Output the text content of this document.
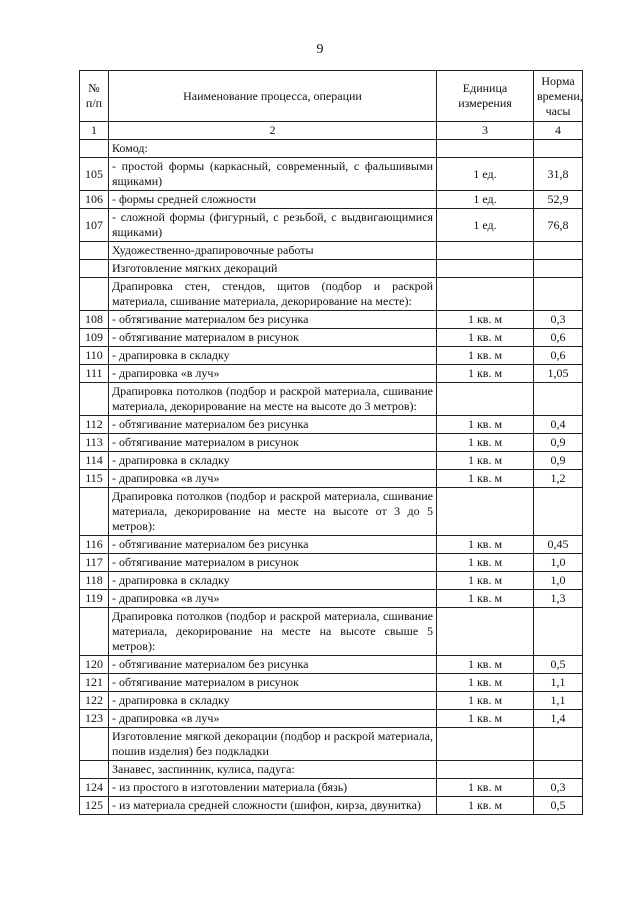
9
№ п/п	Наименование процесса, операции	Единица измерения	Норма времени, часы
1	2	3	4
	Комод:		
105	- простой формы (каркасный, современный, с фальшивыми ящиками)	1 ед.	31,8
106	- формы средней сложности	1 ед.	52,9
107	- сложной формы (фигурный, с резьбой, с выдвигающимися ящиками)	1 ед.	76,8
	Художественно-драпировочные работы		
	Изготовление мягких декораций		
	Драпировка стен, стендов, щитов (подбор и раскрой материала, сшивание материала, декорирование на месте):		
108	- обтягивание материалом без рисунка	1 кв. м	0,3
109	- обтягивание материалом в рисунок	1 кв. м	0,6
110	- драпировка в складку	1 кв. м	0,6
111	- драпировка «в луч»	1 кв. м	1,05
	Драпировка потолков (подбор и раскрой материала, сшивание материала, декорирование на месте на высоте до 3 метров):		
112	- обтягивание материалом без рисунка	1 кв. м	0,4
113	- обтягивание материалом в рисунок	1 кв. м	0,9
114	- драпировка в складку	1 кв. м	0,9
115	- драпировка «в луч»	1 кв. м	1,2
	Драпировка потолков (подбор и раскрой материала, сшивание материала, декорирование на месте на высоте от 3 до 5 метров):		
116	- обтягивание материалом без рисунка	1 кв. м	0,45
117	- обтягивание материалом в рисунок	1 кв. м	1,0
118	- драпировка в складку	1 кв. м	1,0
119	- драпировка «в луч»	1 кв. м	1,3
	Драпировка потолков (подбор и раскрой материала, сшивание материала, декорирование на месте на высоте свыше 5 метров):		
120	- обтягивание материалом без рисунка	1 кв. м	0,5
121	- обтягивание материалом в рисунок	1 кв. м	1,1
122	- драпировка в складку	1 кв. м	1,1
123	- драпировка «в луч»	1 кв. м	1,4
	Изготовление мягкой декорации (подбор и раскрой материала, пошив изделия) без подкладки		
	Занавес, заспинник, кулиса, падуга:		
124	- из простого в изготовлении материала (бязь)	1 кв. м	0,3
125	- из материала средней сложности (шифон, кирза, двунитка)	1 кв. м	0,5
